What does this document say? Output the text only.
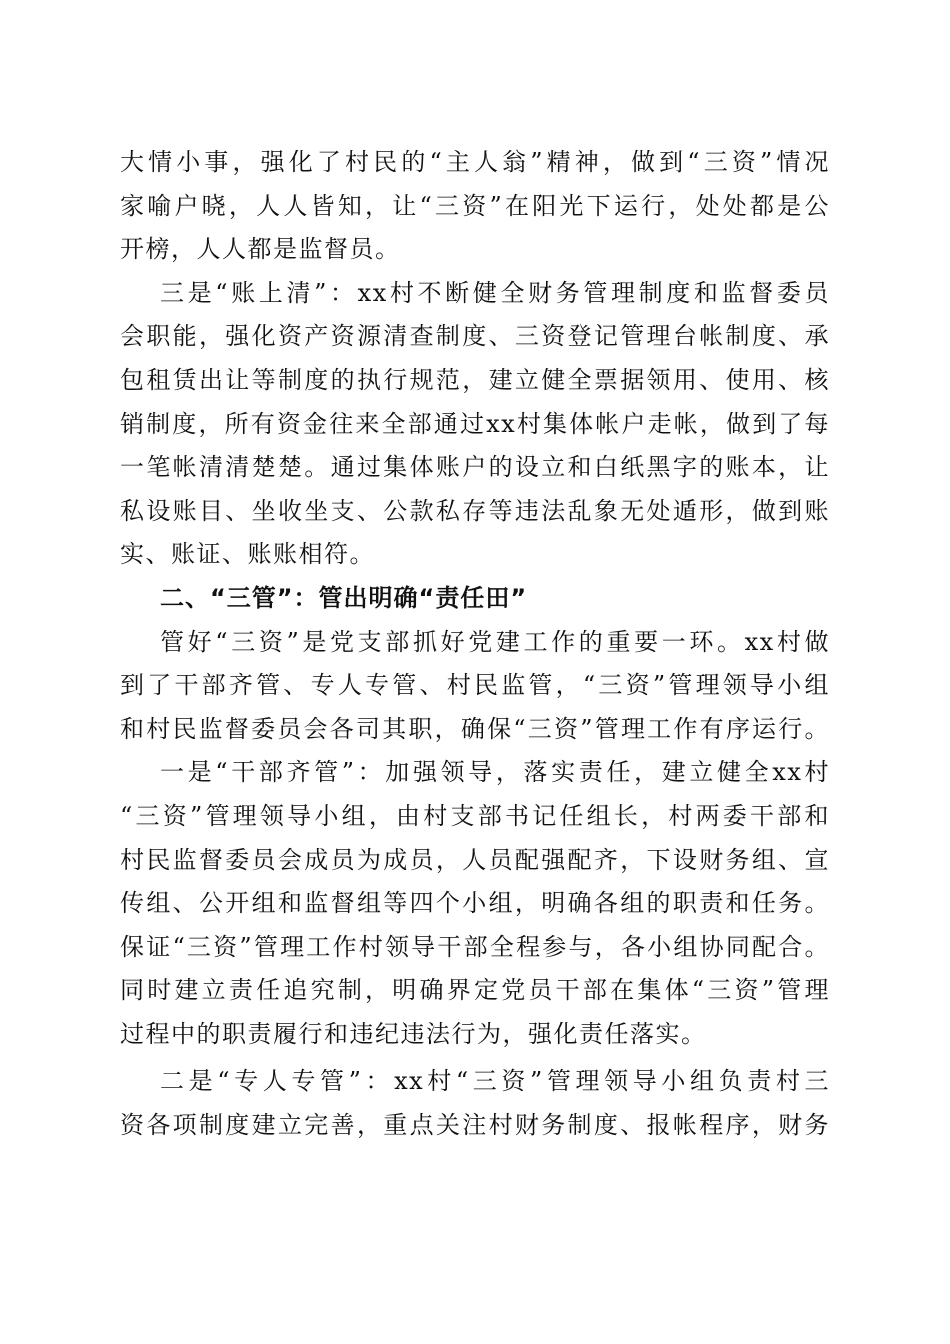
大情小事，强化了村民的“主人翁”精神，做到“三资”情况
家喻户晓，人人皆知，让“三资”在阳光下运行，处处都是公
开榜，人人都是监督员。
三是“账上清”：xx村不断健全财务管理制度和监督委员
会职能，强化资产资源清查制度、三资登记管理台帐制度、承
包租赁出让等制度的执行规范，建立健全票据领用、使用、核
销制度，所有资金往来全部通过xx村集体帐户走帐，做到了每
一笔帐清清楚楚。通过集体账户的设立和白纸黑字的账本，让
私设账目、坐收坐支、公款私存等违法乱象无处遁形，做到账
实、账证、账账相符。
二、“三管”：管出明确“责任田”
管好“三资”是党支部抓好党建工作的重要一环。xx村做
到了干部齐管、专人专管、村民监管，“三资”管理领导小组
和村民监督委员会各司其职，确保“三资”管理工作有序运行。
一是“干部齐管”：加强领导，落实责任，建立健全xx村
“三资”管理领导小组，由村支部书记任组长，村两委干部和
村民监督委员会成员为成员，人员配强配齐，下设财务组、宣
传组、公开组和监督组等四个小组，明确各组的职责和任务。
保证“三资”管理工作村领导干部全程参与，各小组协同配合。
同时建立责任追究制，明确界定党员干部在集体“三资”管理
过程中的职责履行和违纪违法行为，强化责任落实。
二是“专人专管”：xx村“三资”管理领导小组负责村三
资各项制度建立完善，重点关注村财务制度、报帐程序，财务
